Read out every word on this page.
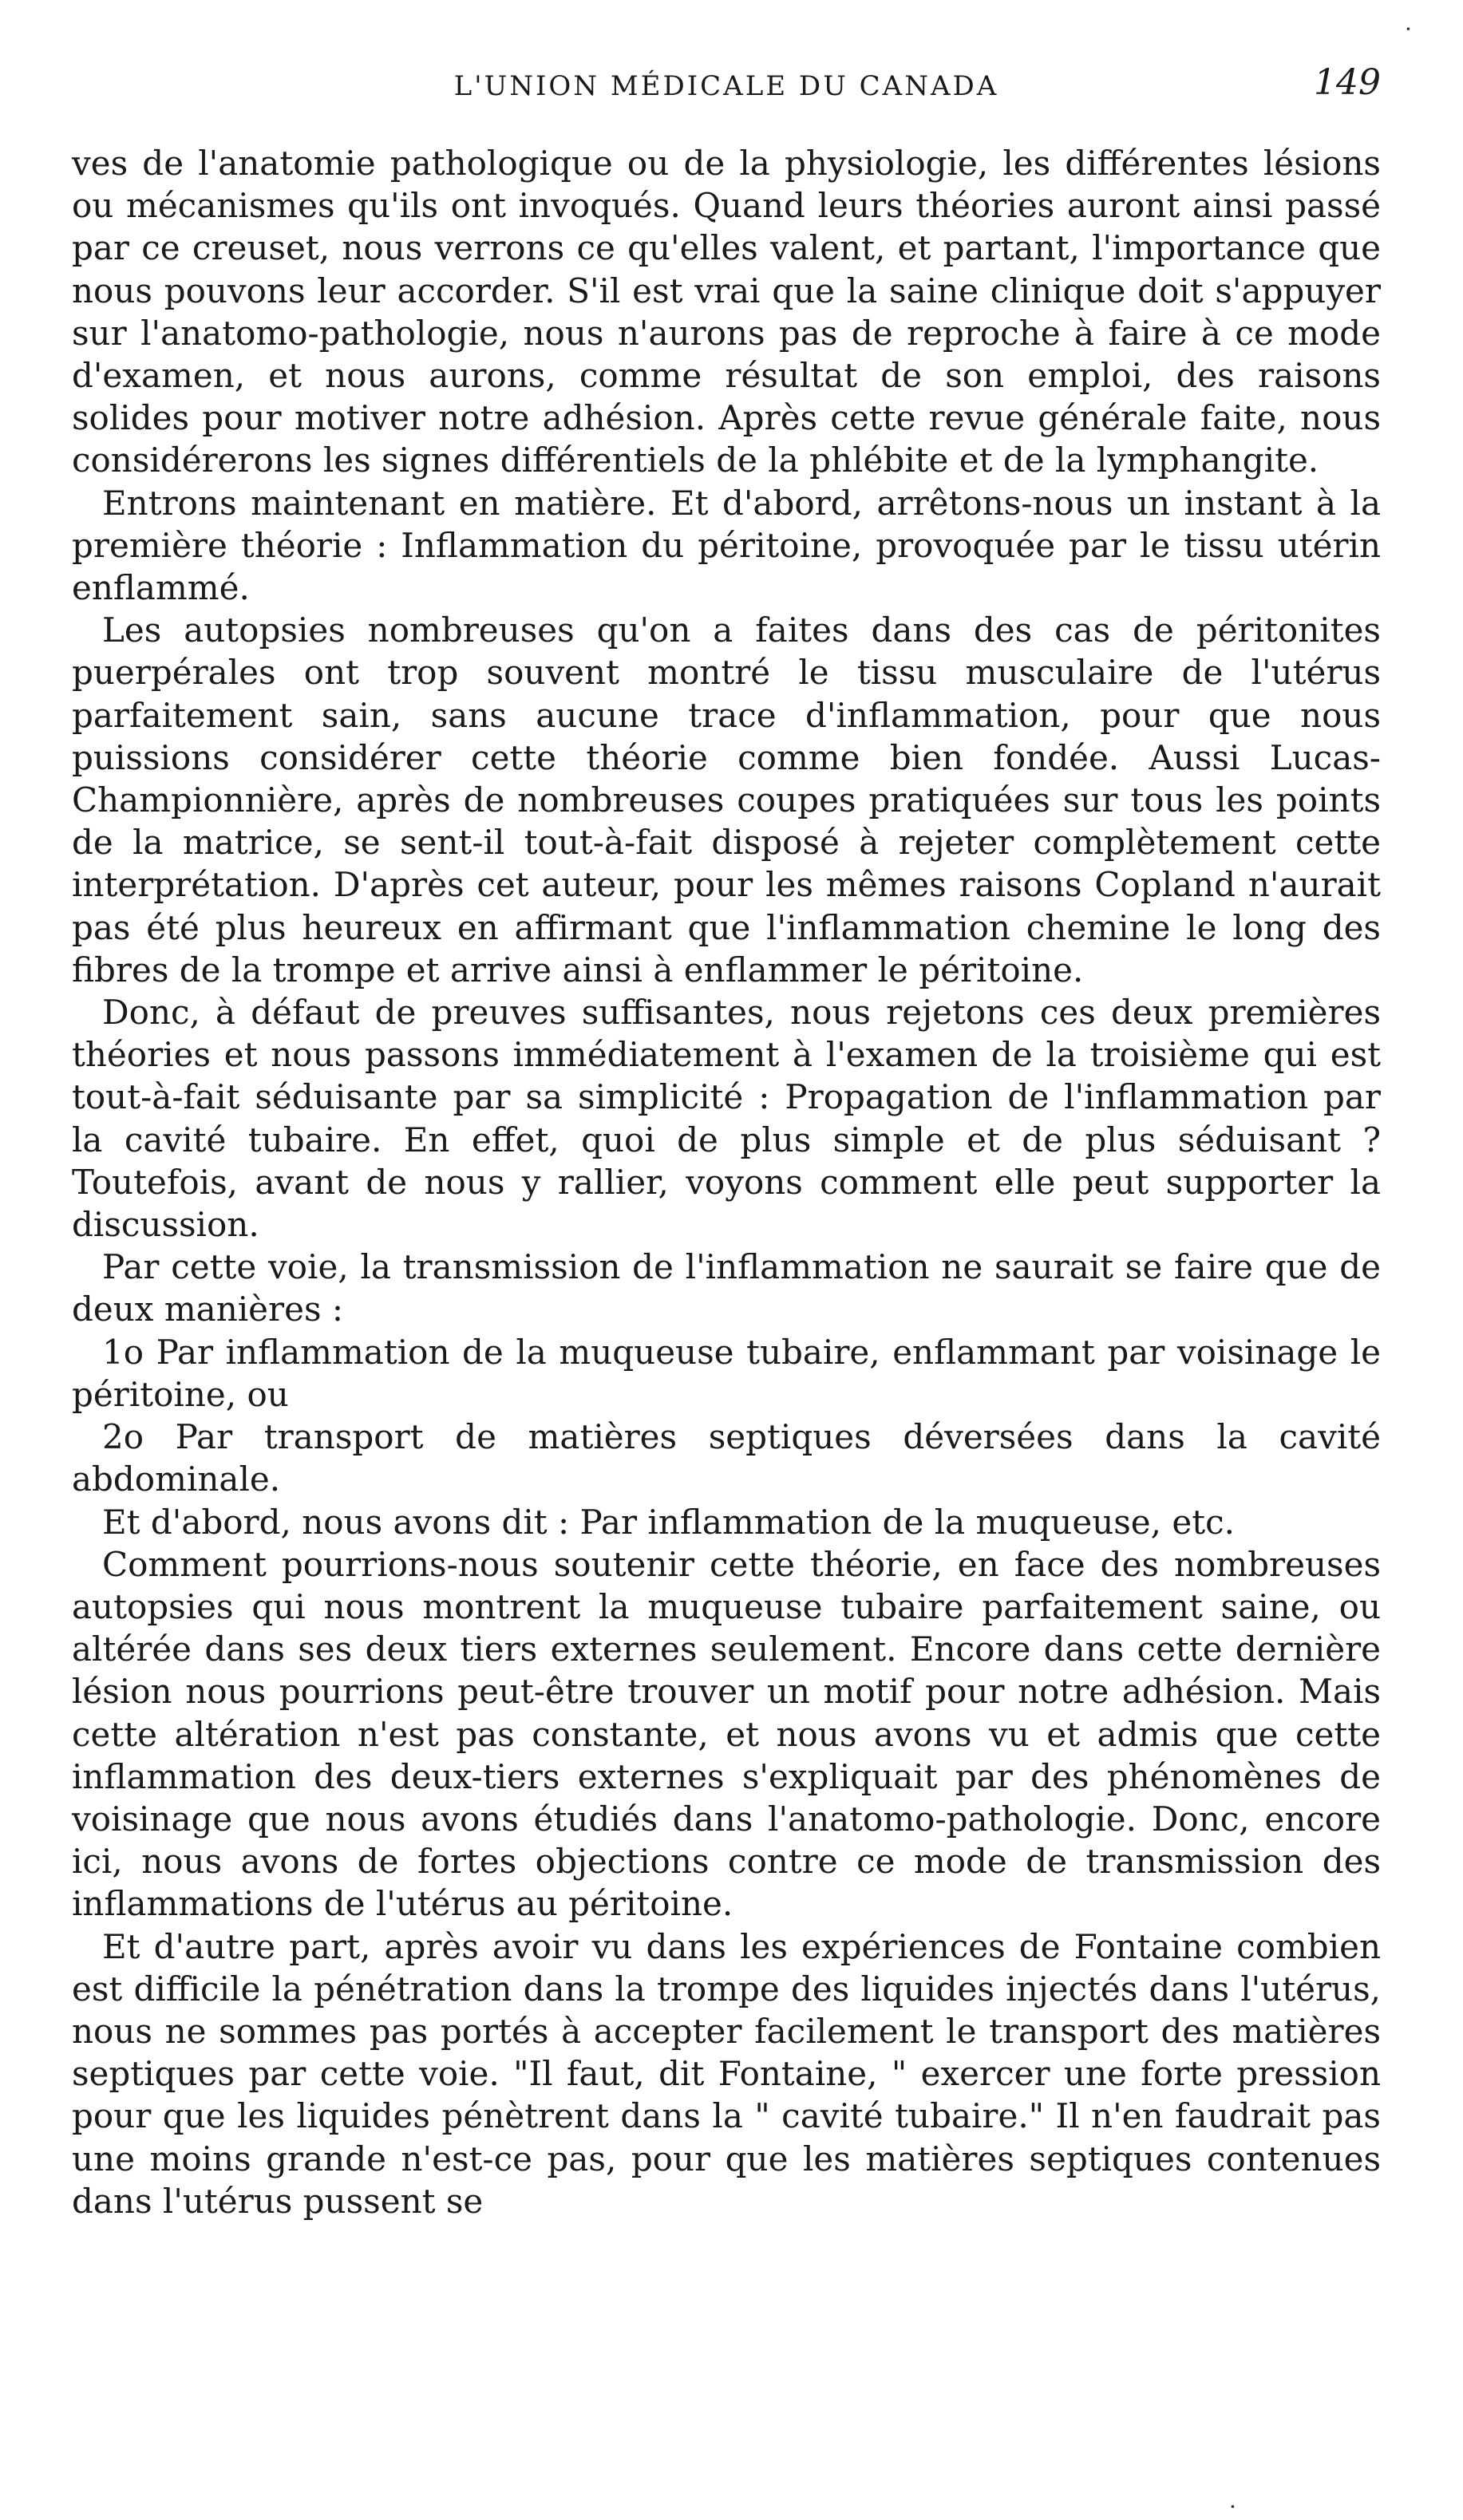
L'UNION MÉDICALE DU CANADA	149

ves de l'anatomie pathologique ou de la physiologie, les différentes lésions ou mécanismes qu'ils ont invoqués. Quand leurs théories auront ainsi passé par ce creuset, nous verrons ce qu'elles valent, et partant, l'importance que nous pouvons leur accorder. S'il est vrai que la saine clinique doit s'appuyer sur l'anatomo-pathologie, nous n'aurons pas de reproche à faire à ce mode d'examen, et nous aurons, comme résultat de son emploi, des raisons solides pour motiver notre adhésion. Après cette revue générale faite, nous considérerons les signes différentiels de la phlébite et de la lymphangite.

Entrons maintenant en matière. Et d'abord, arrêtons-nous un instant à la première théorie : Inflammation du péritoine, provoquée par le tissu utérin enflammé.

Les autopsies nombreuses qu'on a faites dans des cas de péritonites puerpérales ont trop souvent montré le tissu musculaire de l'utérus parfaitement sain, sans aucune trace d'inflammation, pour que nous puissions considérer cette théorie comme bien fondée. Aussi Lucas-Championnière, après de nombreuses coupes pratiquées sur tous les points de la matrice, se sent-il tout-à-fait disposé à rejeter complètement cette interprétation. D'après cet auteur, pour les mêmes raisons Copland n'aurait pas été plus heureux en affirmant que l'inflammation chemine le long des fibres de la trompe et arrive ainsi à enflammer le péritoine.

Donc, à défaut de preuves suffisantes, nous rejetons ces deux premières théories et nous passons immédiatement à l'examen de la troisième qui est tout-à-fait séduisante par sa simplicité : Propagation de l'inflammation par la cavité tubaire. En effet, quoi de plus simple et de plus séduisant ? Toutefois, avant de nous y rallier, voyons comment elle peut supporter la discussion.

Par cette voie, la transmission de l'inflammation ne saurait se faire que de deux manières :

1o Par inflammation de la muqueuse tubaire, enflammant par voisinage le péritoine, ou

2o Par transport de matières septiques déversées dans la cavité abdominale.

Et d'abord, nous avons dit : Par inflammation de la muqueuse, etc.

Comment pourrions-nous soutenir cette théorie, en face des nombreuses autopsies qui nous montrent la muqueuse tubaire parfaitement saine, ou altérée dans ses deux tiers externes seulement. Encore dans cette dernière lésion nous pourrions peut-être trouver un motif pour notre adhésion. Mais cette altération n'est pas constante, et nous avons vu et admis que cette inflammation des deux-tiers externes s'expliquait par des phénomènes de voisinage que nous avons étudiés dans l'anatomo-pathologie. Donc, encore ici, nous avons de fortes objections contre ce mode de transmission des inflammations de l'utérus au péritoine.

Et d'autre part, après avoir vu dans les expériences de Fontaine combien est difficile la pénétration dans la trompe des liquides injectés dans l'utérus, nous ne sommes pas portés à accepter facilement le transport des matières septiques par cette voie. "Il faut, dit Fontaine, " exercer une forte pression pour que les liquides pénètrent dans la " cavité tubaire." Il n'en faudrait pas une moins grande n'est-ce pas, pour que les matières septiques contenues dans l'utérus pussent se

·
·
